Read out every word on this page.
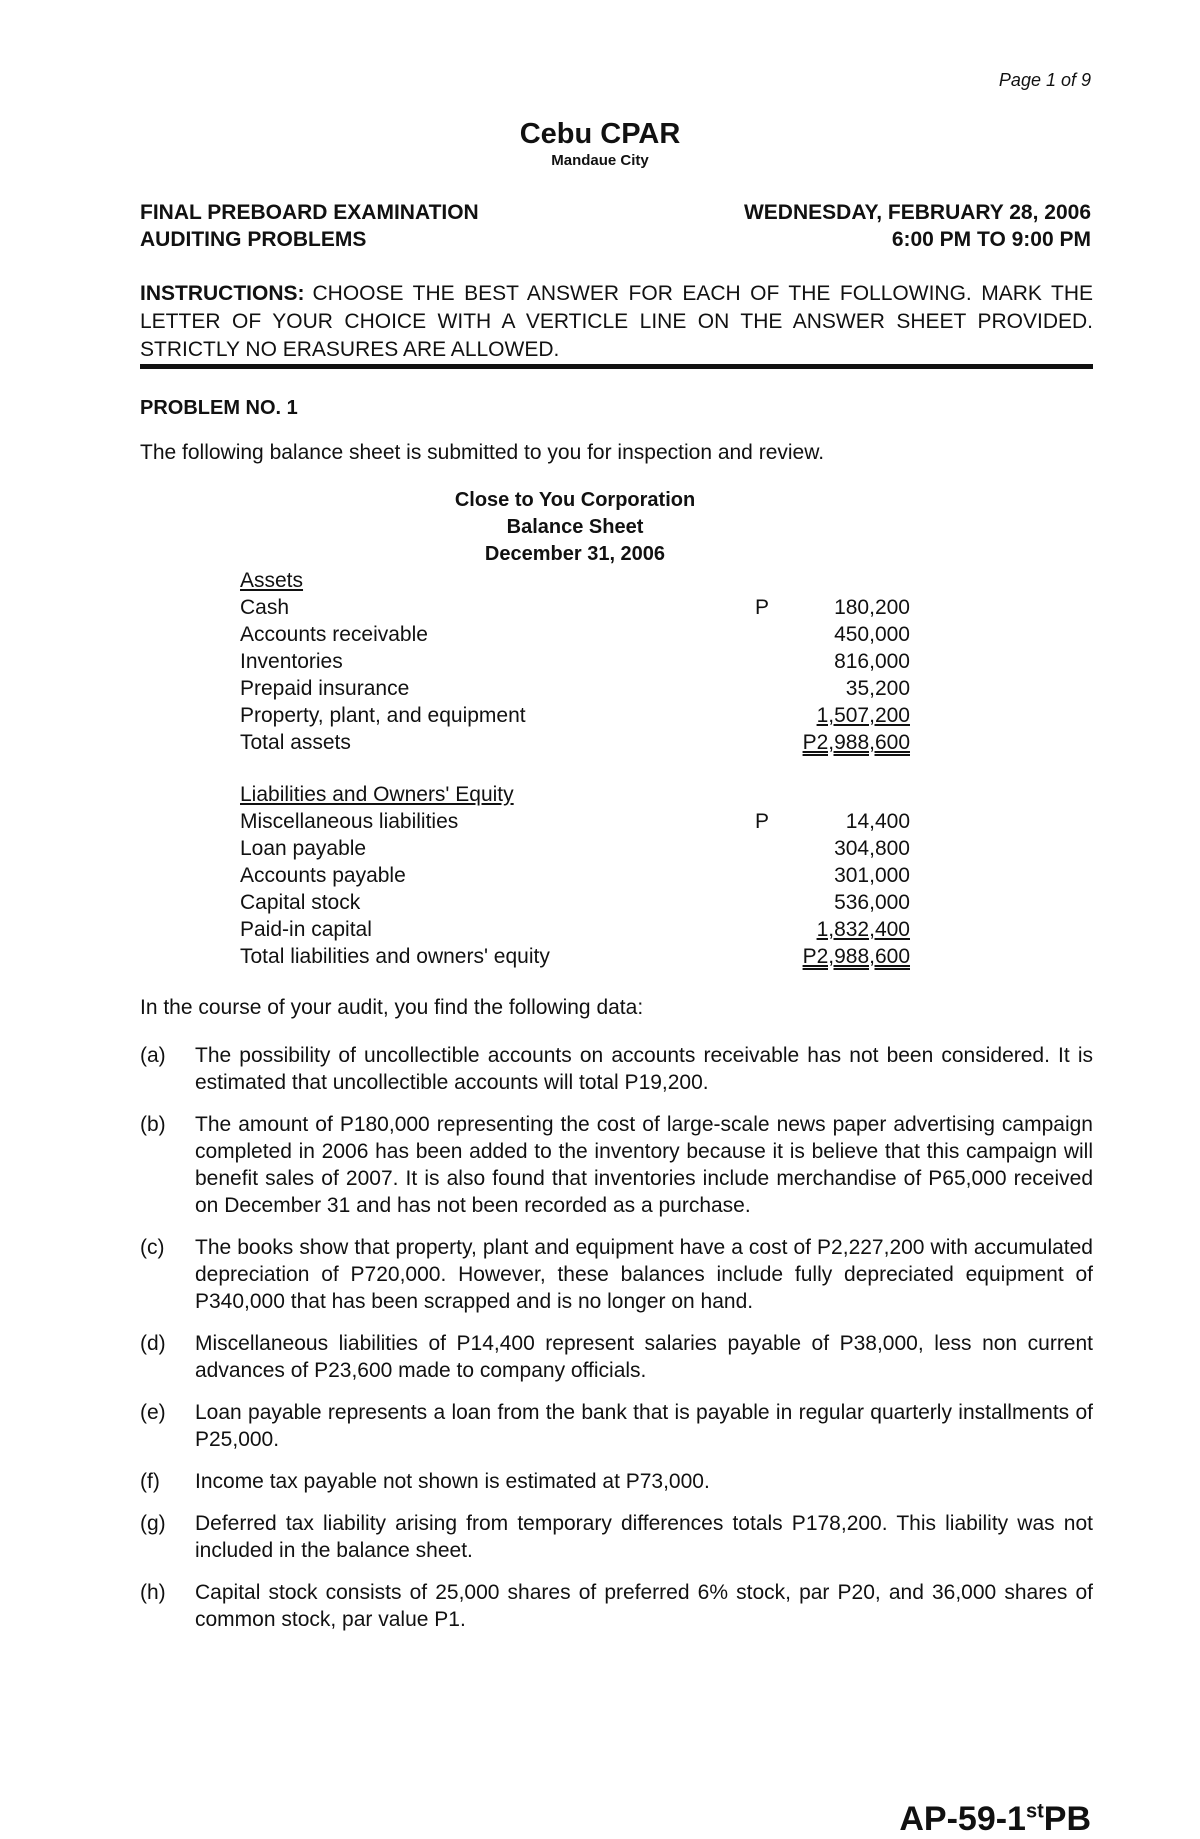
Page 1 of 9
Cebu CPAR
Mandaue City
FINAL PREBOARD EXAMINATION
AUDITING PROBLEMS
WEDNESDAY, FEBRUARY 28, 2006
6:00 PM TO 9:00 PM
INSTRUCTIONS: CHOOSE THE BEST ANSWER FOR EACH OF THE FOLLOWING. MARK THE LETTER OF YOUR CHOICE WITH A VERTICLE LINE ON THE ANSWER SHEET PROVIDED. STRICTLY NO ERASURES ARE ALLOWED.
PROBLEM NO. 1
The following balance sheet is submitted to you for inspection and review.
Close to You Corporation
Balance Sheet
December 31, 2006
Assets
Cash	P	180,200
Accounts receivable	450,000
Inventories	816,000
Prepaid insurance	35,200
Property, plant, and equipment	1,507,200
Total assets	P2,988,600
Liabilities and Owners' Equity
Miscellaneous liabilities	P	14,400
Loan payable	304,800
Accounts payable	301,000
Capital stock	536,000
Paid-in capital	1,832,400
Total liabilities and owners' equity	P2,988,600
In the course of your audit, you find the following data:
(a) The possibility of uncollectible accounts on accounts receivable has not been considered. It is estimated that uncollectible accounts will total P19,200.
(b) The amount of P180,000 representing the cost of large-scale news paper advertising campaign completed in 2006 has been added to the inventory because it is believe that this campaign will benefit sales of 2007. It is also found that inventories include merchandise of P65,000 received on December 31 and has not been recorded as a purchase.
(c) The books show that property, plant and equipment have a cost of P2,227,200 with accumulated depreciation of P720,000. However, these balances include fully depreciated equipment of P340,000 that has been scrapped and is no longer on hand.
(d) Miscellaneous liabilities of P14,400 represent salaries payable of P38,000, less non current advances of P23,600 made to company officials.
(e) Loan payable represents a loan from the bank that is payable in regular quarterly installments of P25,000.
(f) Income tax payable not shown is estimated at P73,000.
(g) Deferred tax liability arising from temporary differences totals P178,200. This liability was not included in the balance sheet.
(h) Capital stock consists of 25,000 shares of preferred 6% stock, par P20, and 36,000 shares of common stock, par value P1.
AP-59-1stPB
